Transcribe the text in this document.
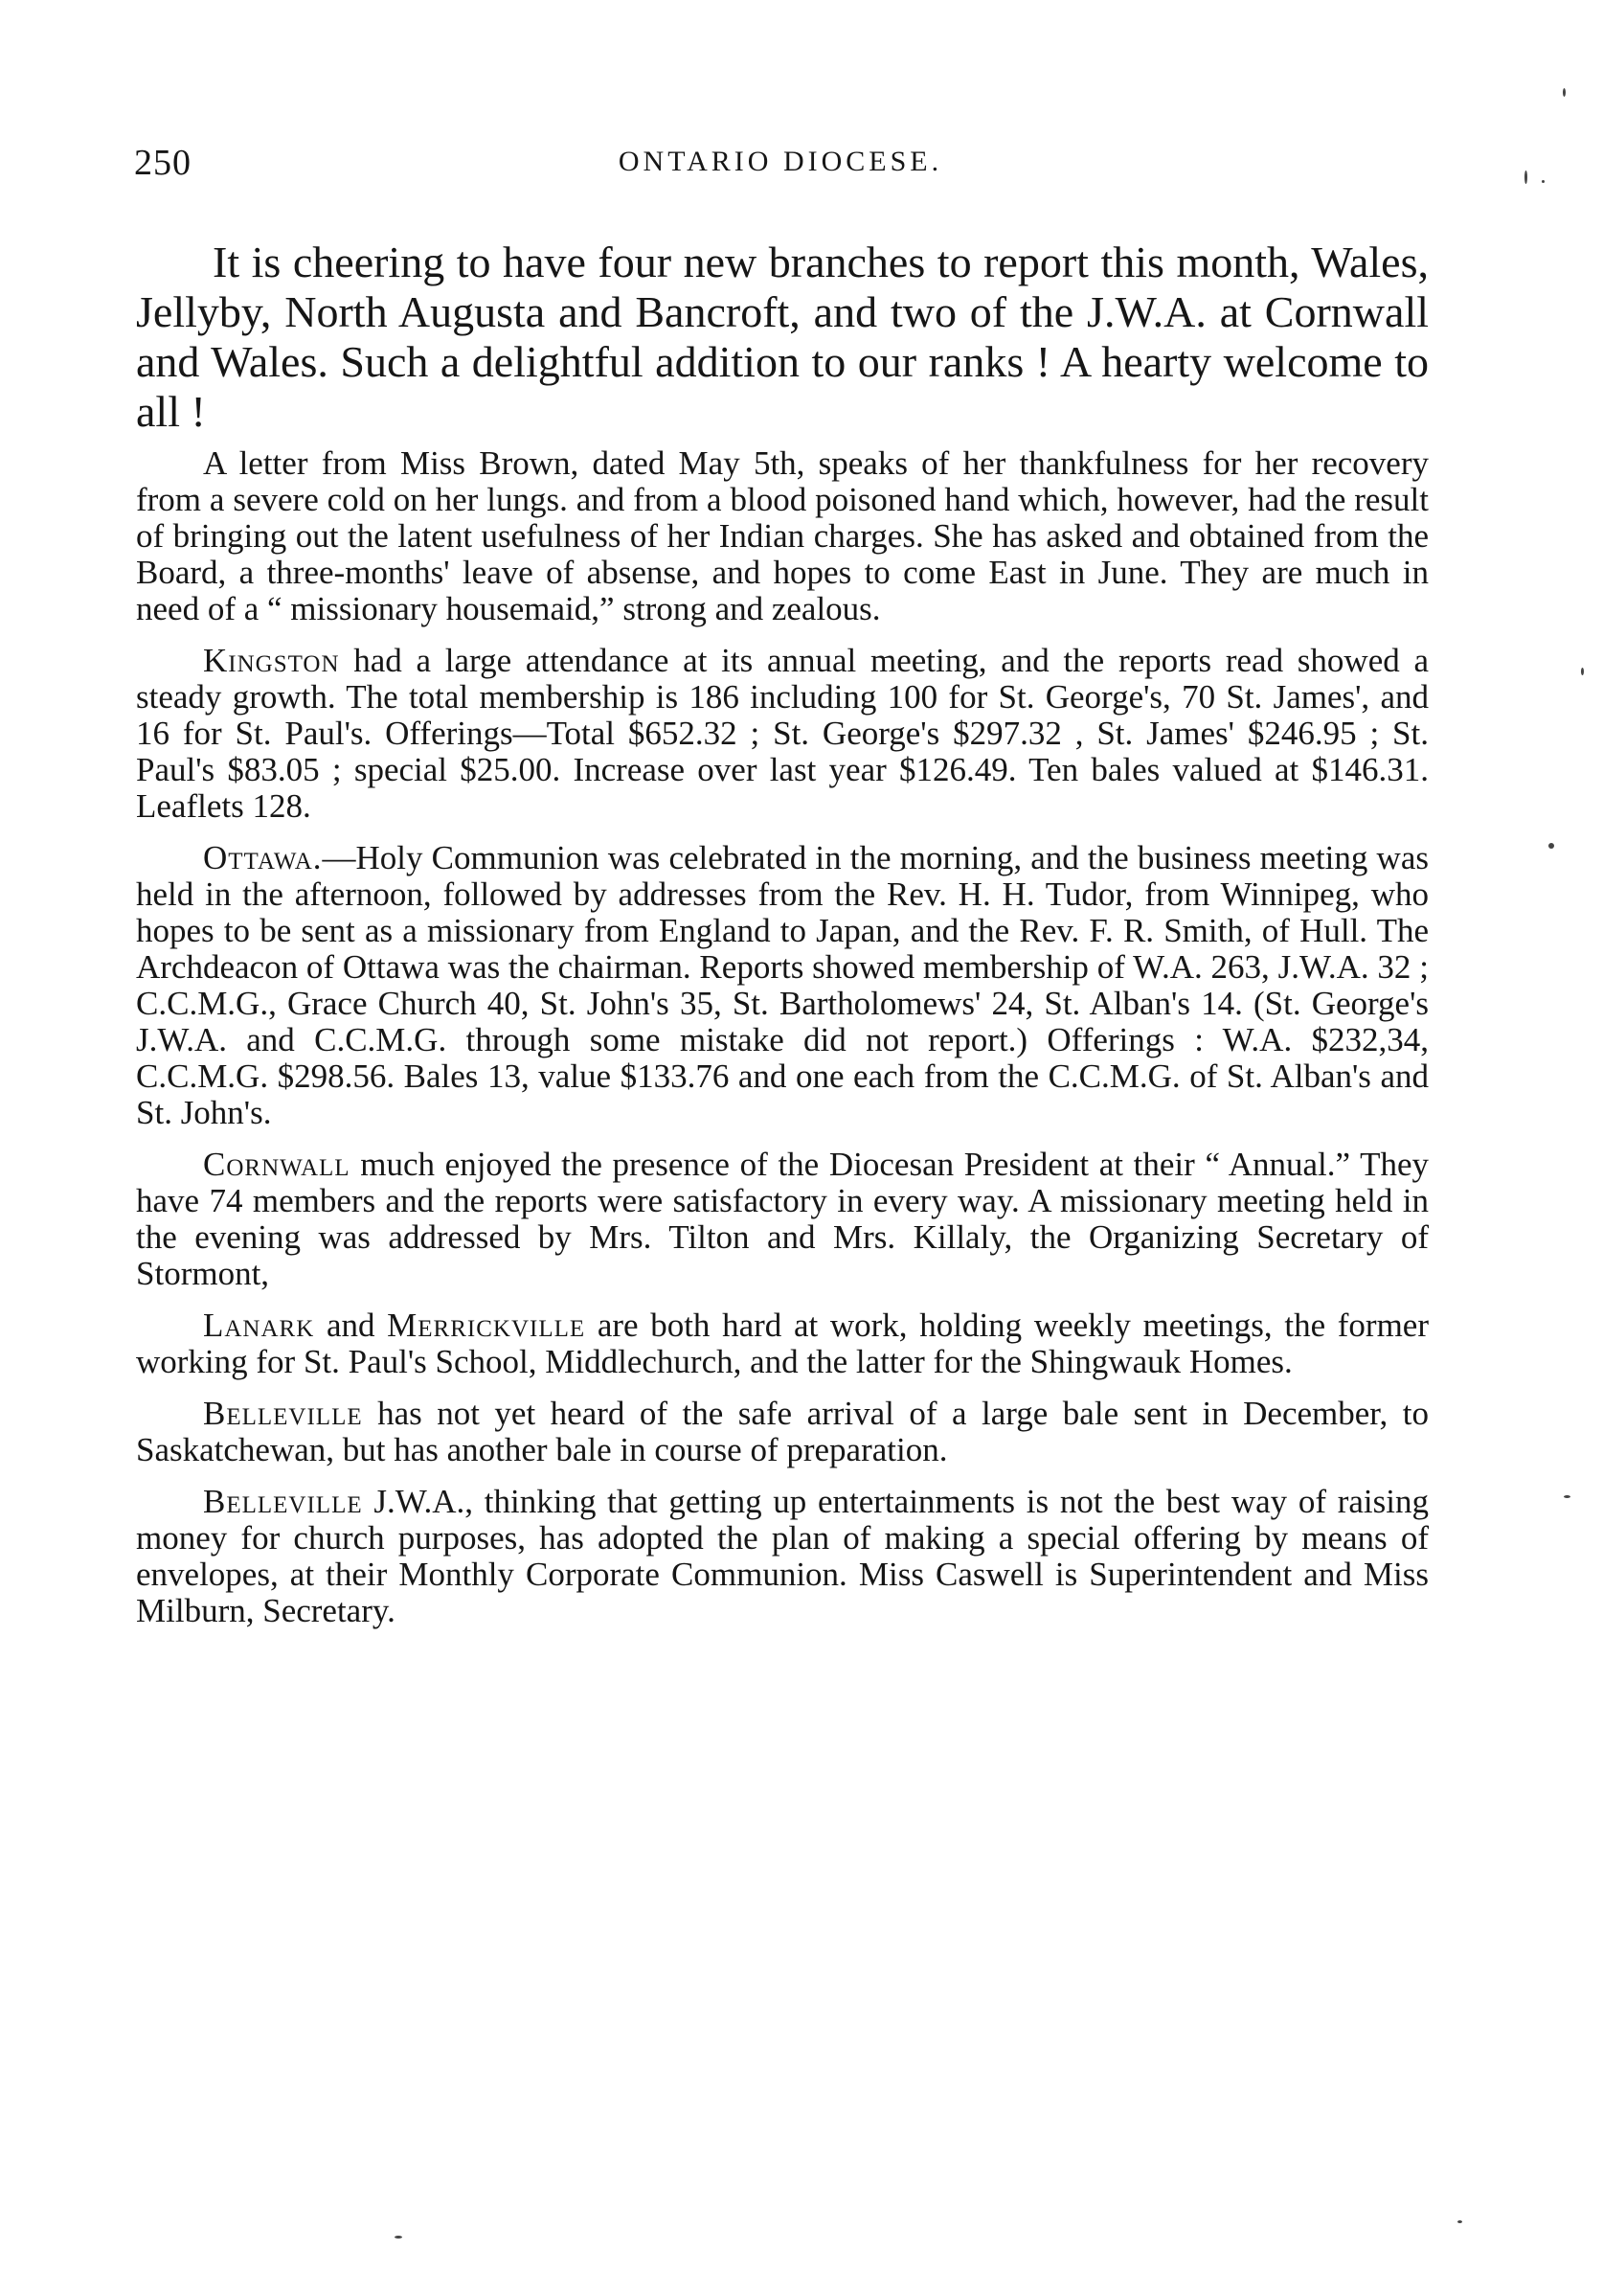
250	ONTARIO DIOCESE.

It is cheering to have four new branches to report this month, Wales, Jellyby, North Augusta and Bancroft, and two of the J.W.A. at Cornwall and Wales. Such a delightful addition to our ranks ! A hearty welcome to all !

A letter from Miss Brown, dated May 5th, speaks of her thankfulness for her recovery from a severe cold on her lungs. and from a blood poisoned hand which, however, had the result of bringing out the latent usefulness of her Indian charges. She has asked and obtained from the Board, a three-months' leave of absense, and hopes to come East in June. They are much in need of a “ missionary housemaid,” strong and zealous.

Kingston had a large attendance at its annual meeting, and the reports read showed a steady growth. The total membership is 186 including 100 for St. George's, 70 St. James', and 16 for St. Paul's. Offerings—Total $652.32 ; St. George's $297.32 , St. James' $246.95 ; St. Paul's $83.05 ; special $25.00. Increase over last year $126.49. Ten bales valued at $146.31. Leaflets 128.

Ottawa.—Holy Communion was celebrated in the morning, and the business meeting was held in the afternoon, followed by addresses from the Rev. H. H. Tudor, from Winnipeg, who hopes to be sent as a missionary from England to Japan, and the Rev. F. R. Smith, of Hull. The Archdeacon of Ottawa was the chairman. Reports showed membership of W.A. 263, J.W.A. 32 ; C.C.M.G., Grace Church 40, St. John's 35, St. Bartholomews' 24, St. Alban's 14. (St. George's J.W.A. and C.C.M.G. through some mistake did not report.) Offerings : W.A. $232,34, C.C.M.G. $298.56. Bales 13, value $133.76 and one each from the C.C.M.G. of St. Alban's and St. John's.

Cornwall much enjoyed the presence of the Diocesan President at their “ Annual.” They have 74 members and the reports were satisfactory in every way. A missionary meeting held in the evening was addressed by Mrs. Tilton and Mrs. Killaly, the Organizing Secretary of Stormont,

Lanark and Merrickville are both hard at work, holding weekly meetings, the former working for St. Paul's School, Middlechurch, and the latter for the Shingwauk Homes.

Belleville has not yet heard of the safe arrival of a large bale sent in December, to Saskatchewan, but has another bale in course of preparation.

Belleville J.W.A., thinking that getting up entertainments is not the best way of raising money for church purposes, has adopted the plan of making a special offering by means of envelopes, at their Monthly Corporate Communion. Miss Caswell is Superintendent and Miss Milburn, Secretary.
